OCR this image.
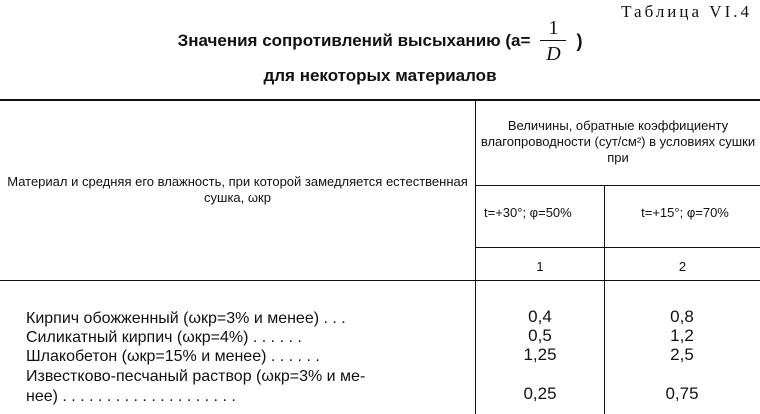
Таблица VI.4
Значения сопротивлений высыханию ($a= \frac{1}{D}$ )
для некоторых материалов
Материал и средняя его влажность, при которой замедляется естественная сушка, ωкр
Величины, обратные коэффициенту влагопроводности (сут/см²) в условиях сушки при
t=+30°; φ=50%	t=+15°; φ=70%
1	2
Кирпич обожженный (ωкр=3% и менее) . . .	0,4	0,8
Силикатный кирпич (ωкр=4%) . . . . . .	0,5	1,2
Шлакобетон (ωкр=15% и менее) . . . . . .	1,25	2,5
Известково-песчаный раствор (ωкр=3% и ме-
нее) . . . . . . . . . . . . . . . . . . . .	0,25	0,75
